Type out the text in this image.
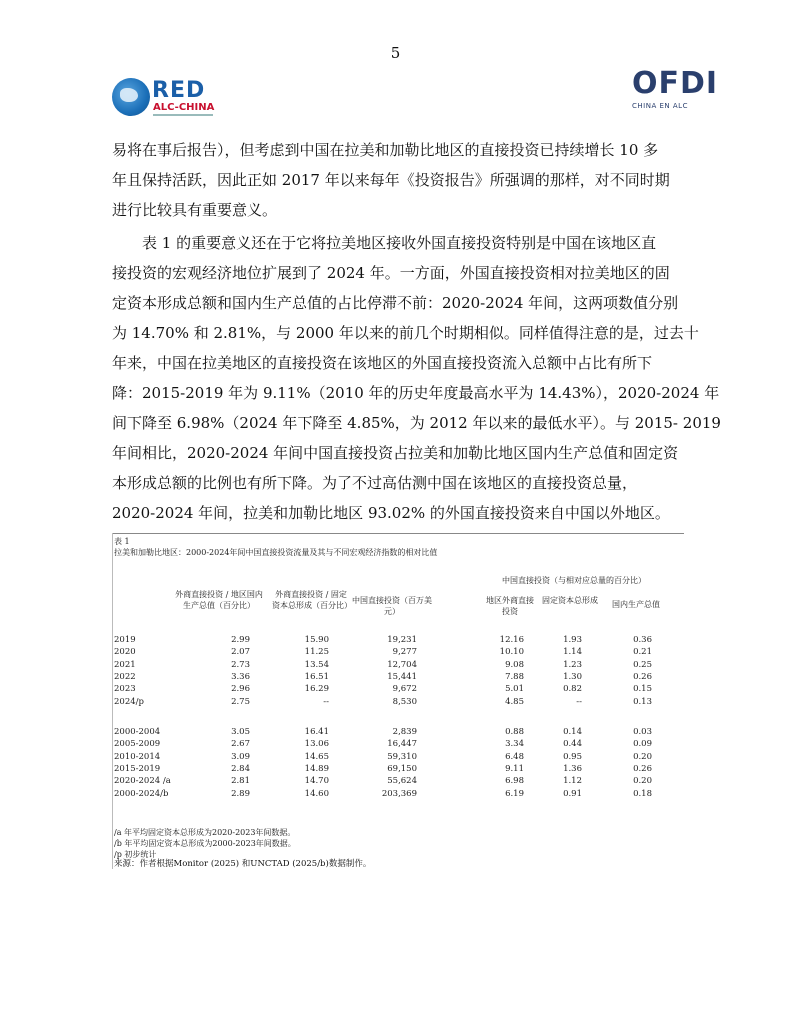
5
RED
ALC-CHINA
OFDI
CHINA EN ALC
易将在事后报告），但考虑到中国在拉美和加勒比地区的直接投资已持续增长 10 多
年且保持活跃，因此正如 2017 年以来每年《投资报告》所强调的那样，对不同时期
进行比较具有重要意义。
表 1 的重要意义还在于它将拉美地区接收外国直接投资特别是中国在该地区直
接投资的宏观经济地位扩展到了 2024 年。一方面，外国直接投资相对拉美地区的固
定资本形成总额和国内生产总值的占比停滞不前：2020-2024 年间，这两项数值分别
为 14.70% 和 2.81%，与 2000 年以来的前几个时期相似。同样值得注意的是，过去十
年来，中国在拉美地区的直接投资在该地区的外国直接投资流入总额中占比有所下
降：2015-2019 年为 9.11%（2010 年的历史年度最高水平为 14.43%），2020-2024 年
间下降至 6.98%（2024 年下降至 4.85%，为 2012 年以来的最低水平）。与 2015- 2019
年间相比，2020-2024 年间中国直接投资占拉美和加勒比地区国内生产总值和固定资
本形成总额的比例也有所下降。为了不过高估测中国在该地区的直接投资总量，
2020-2024 年间，拉美和加勒比地区 93.02% 的外国直接投资来自中国以外地区。
表 1
拉美和加勒比地区：2000-2024年间中国直接投资流量及其与不同宏观经济指数的相对比值
中国直接投资（与相对应总量的百分比）
外商直接投资 / 地区国内生产总值（百分比）
外商直接投资 / 固定资本总形成（百分比）
中国直接投资（百万美元）
地区外商直接投资
固定资本总形成	国内生产总值
2019	2.99	15.90	19,231	12.16	1.93	0.36
2020	2.07	11.25	9,277	10.10	1.14	0.21
2021	2.73	13.54	12,704	9.08	1.23	0.25
2022	3.36	16.51	15,441	7.88	1.30	0.26
2023	2.96	16.29	9,672	5.01	0.82	0.15
2024/p	2.75	--	8,530	4.85	--	0.13
2000-2004	3.05	16.41	2,839	0.88	0.14	0.03
2005-2009	2.67	13.06	16,447	3.34	0.44	0.09
2010-2014	3.09	14.65	59,310	6.48	0.95	0.20
2015-2019	2.84	14.89	69,150	9.11	1.36	0.26
2020-2024 /a	2.81	14.70	55,624	6.98	1.12	0.20
2000-2024/b	2.89	14.60	203,369	6.19	0.91	0.18
/a 年平均固定资本总形成为2020-2023年间数据。
/b 年平均固定资本总形成为2000-2023年间数据。
/p 初步统计
来源：作者根据Monitor (2025) 和UNCTAD (2025/b)数据制作。
